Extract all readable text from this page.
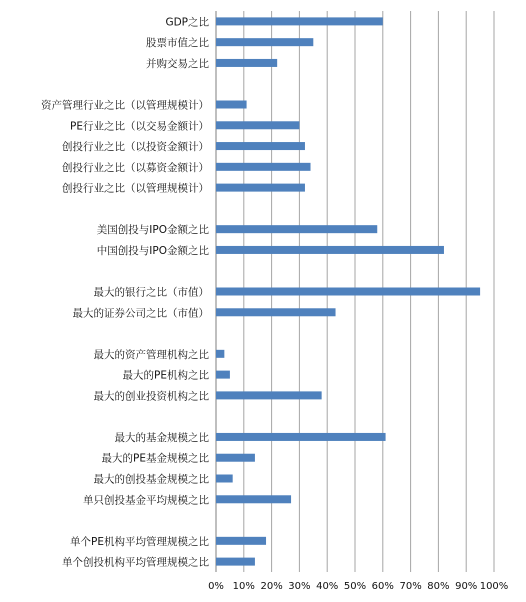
GDP之比
股票市值之比
并购交易之比
资产管理行业之比（以管理规模计）
PE行业之比（以交易金额计）
创投行业之比（以投资金额计）
创投行业之比（以募资金额计）
创投行业之比（以管理规模计）
美国创投与IPO金额之比
中国创投与IPO金额之比
最大的银行之比（市值）
最大的证券公司之比（市值）
最大的资产管理机构之比
最大的PE机构之比
最大的创业投资机构之比
最大的基金规模之比
最大的PE基金规模之比
最大的创投基金规模之比
单只创投基金平均规模之比
单个PE机构平均管理规模之比
单个创投机构平均管理规模之比
0% 10% 20% 30% 40% 50% 60% 70% 80% 90% 100%
